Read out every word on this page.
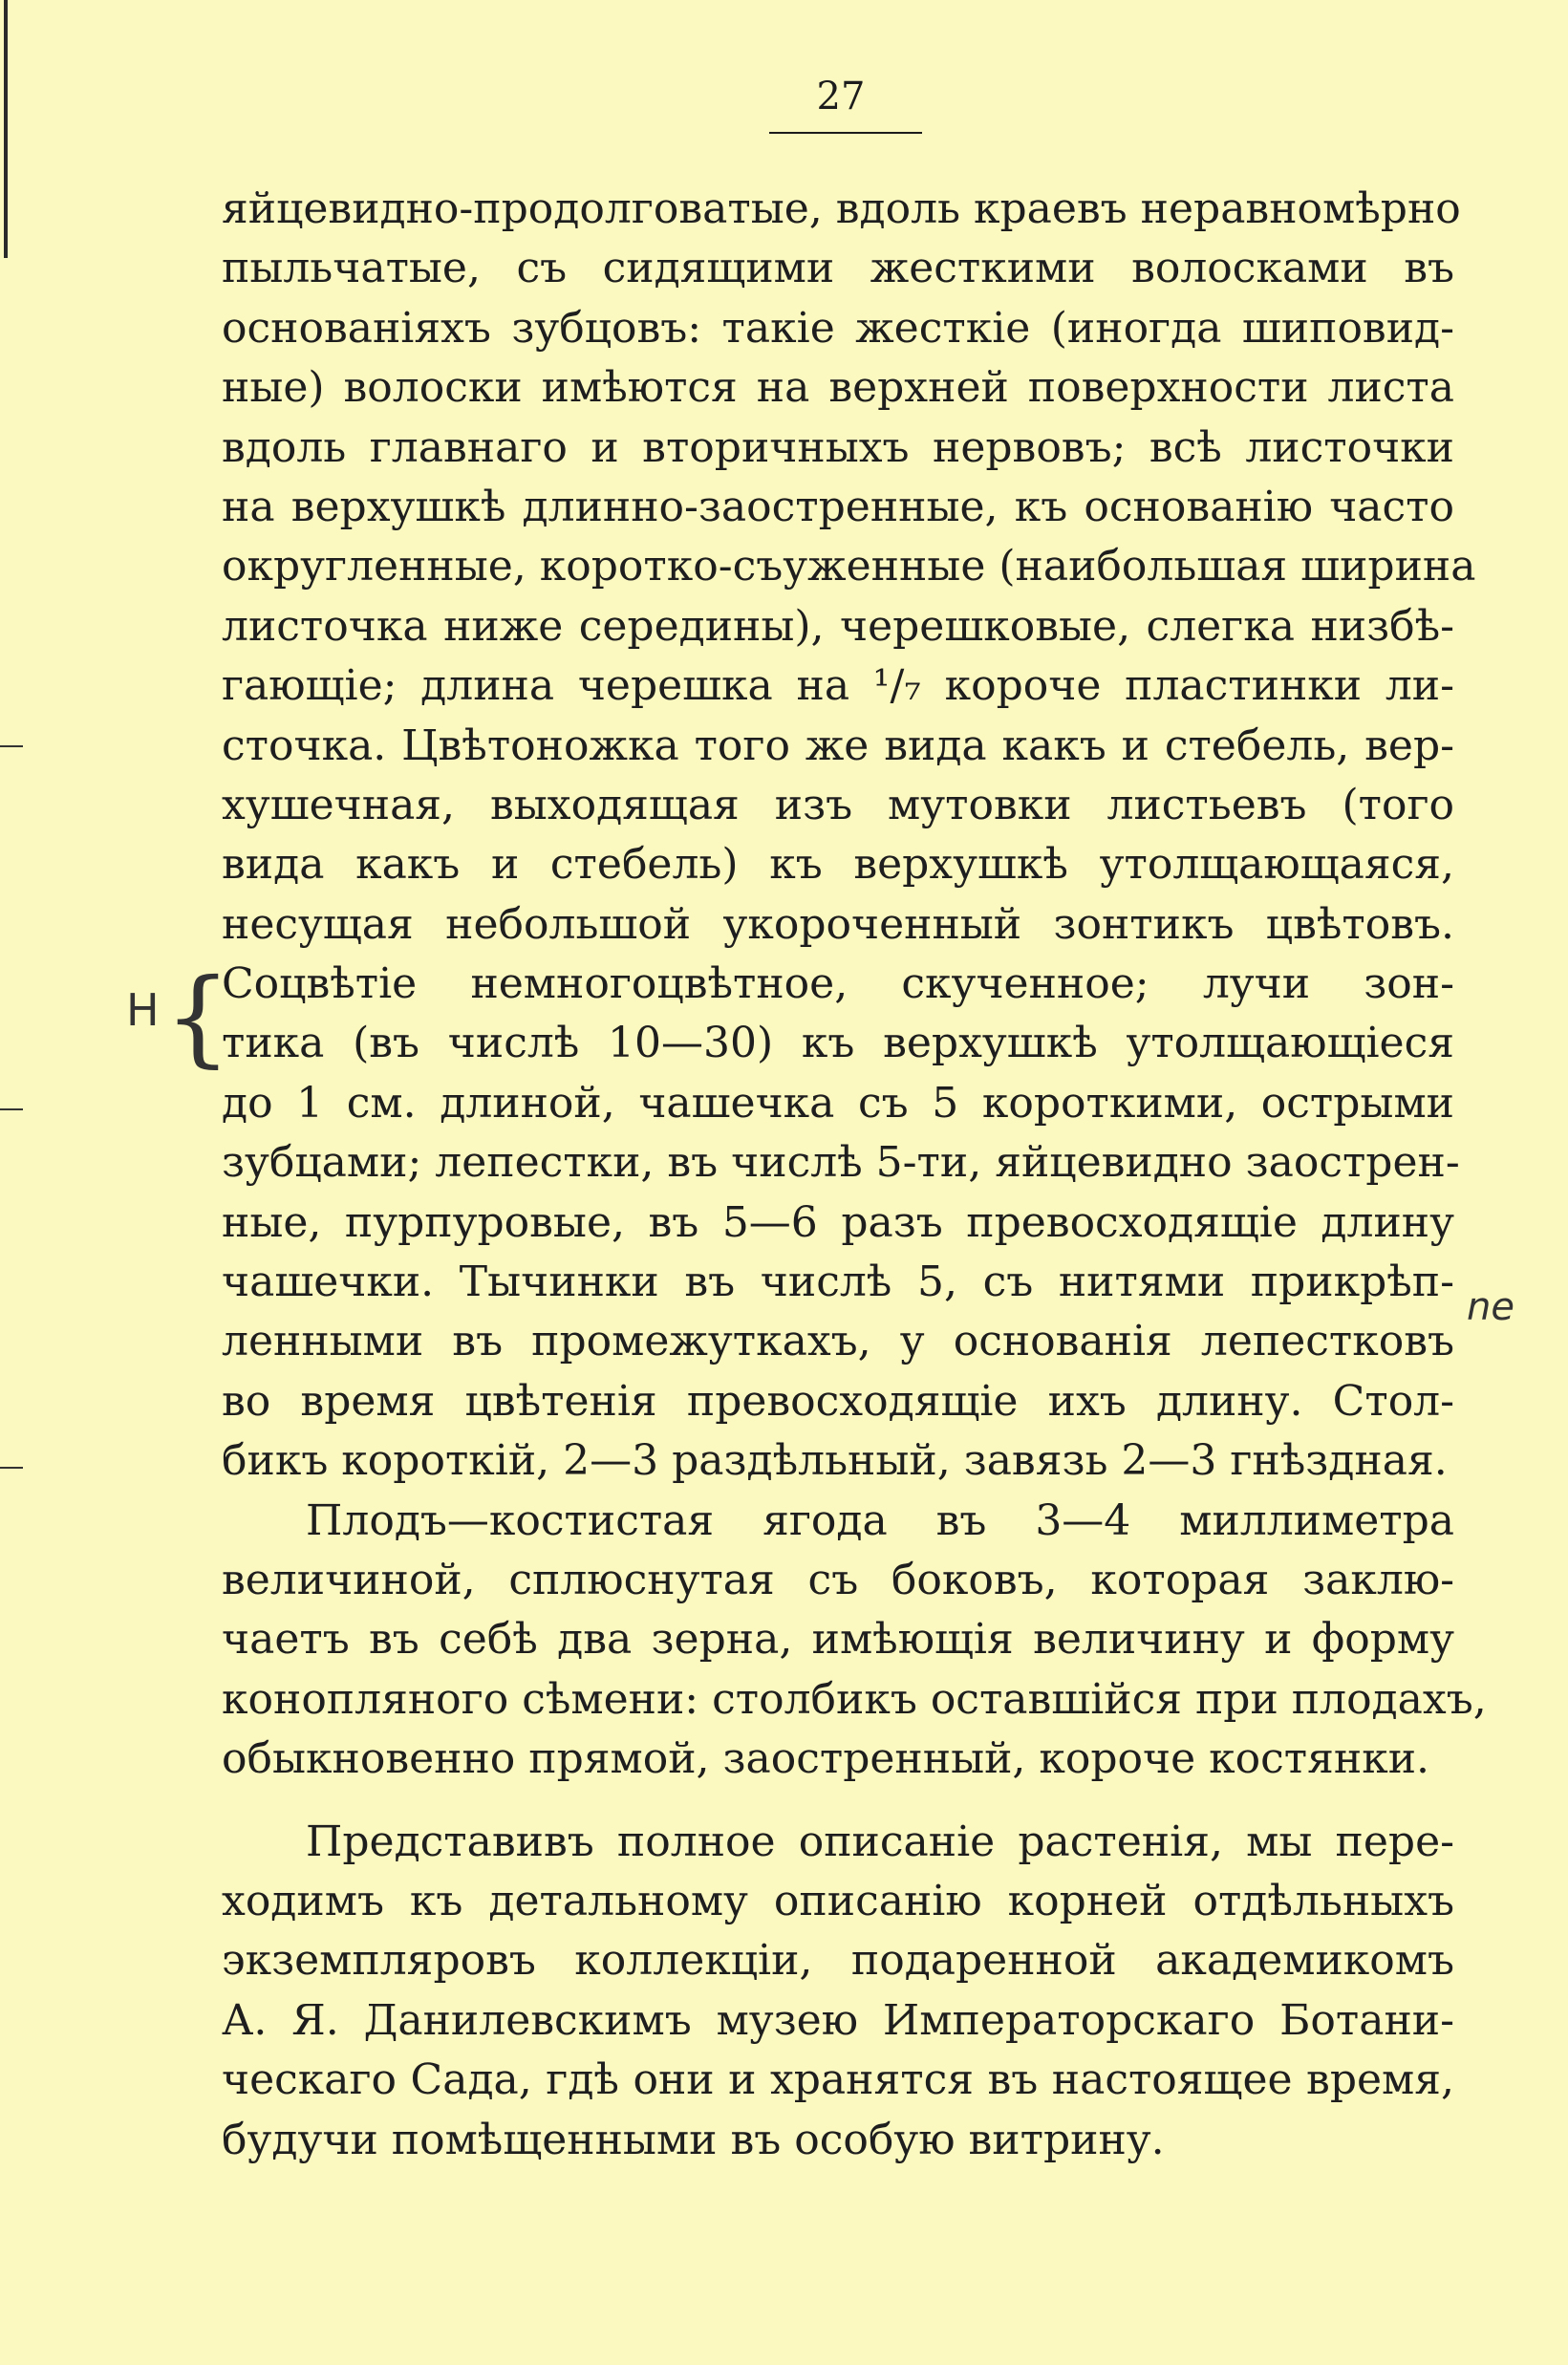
27
Н {
ne
яйцевидно-продолговатые, вдоль краевъ неравномѣрно
пыльчатые, съ сидящими жесткими волосками въ
основаніяхъ зубцовъ: такіе жесткіе (иногда шиповид-
ные) волоски имѣются на верхней поверхности листа
вдоль главнаго и вторичныхъ нервовъ; всѣ листочки
на верхушкѣ длинно-заостренные, къ основанію часто
округленные, коротко-съуженные (наибольшая ширина
листочка ниже середины), черешковые, слегка низбѣ-
гающіе; длина черешка на ¹/₇ короче пластинки ли-
сточка. Цвѣтоножка того же вида какъ и стебель, вер-
хушечная, выходящая изъ мутовки листьевъ (того
вида какъ и стебель) къ верхушкѣ утолщающаяся,
несущая небольшой укороченный зонтикъ цвѣтовъ.
Соцвѣтіе немногоцвѣтное, скученное; лучи зон-
тика (въ числѣ 10—30) къ верхушкѣ утолщающіеся
до 1 см. длиной, чашечка съ 5 короткими, острыми
зубцами; лепестки, въ числѣ 5-ти, яйцевидно заострен-
ные, пурпуровые, въ 5—6 разъ превосходящіе длину
чашечки. Тычинки въ числѣ 5, съ нитями прикрѣп-
ленными въ промежуткахъ, у основанія лепестковъ
во время цвѣтенія превосходящіе ихъ длину. Стол-
бикъ короткій, 2—3 раздѣльный, завязь 2—3 гнѣздная.
Плодъ—костистая ягода въ 3—4 миллиметра
величиной, сплюснутая съ боковъ, которая заклю-
чаетъ въ себѣ два зерна, имѣющія величину и форму
конопляного сѣмени: столбикъ оставшійся при плодахъ,
обыкновенно прямой, заостренный, короче костянки.
Представивъ полное описаніе растенія, мы пере-
ходимъ къ детальному описанію корней отдѣльныхъ
экземпляровъ коллекціи, подаренной академикомъ
А. Я. Данилевскимъ музею Императорскаго Ботани-
ческаго Сада, гдѣ они и хранятся въ настоящее время,
будучи помѣщенными въ особую витрину.
